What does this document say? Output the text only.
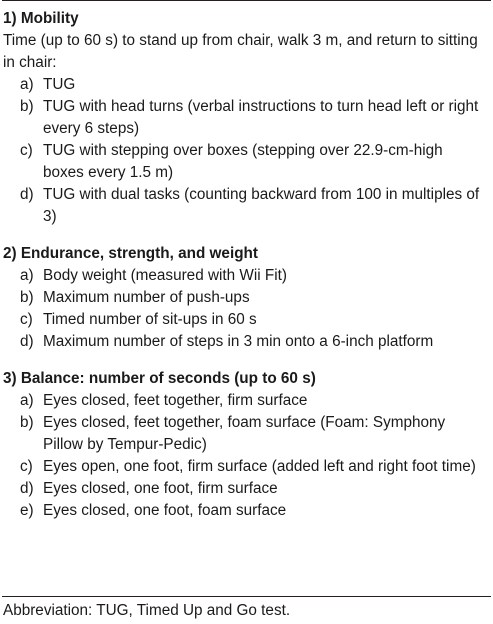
1) Mobility

Time (up to 60 s) to stand up from chair, walk 3 m, and return to sitting in chair:

a) TUG
b) TUG with head turns (verbal instructions to turn head left or right every 6 steps)
c) TUG with stepping over boxes (stepping over 22.9-cm-high boxes every 1.5 m)
d) TUG with dual tasks (counting backward from 100 in multiples of 3)
2) Endurance, strength, and weight
a) Body weight (measured with Wii Fit)
b) Maximum number of push-ups
c) Timed number of sit-ups in 60 s
d) Maximum number of steps in 3 min onto a 6-inch platform
3) Balance: number of seconds (up to 60 s)
a) Eyes closed, feet together, firm surface
b) Eyes closed, feet together, foam surface (Foam: Symphony Pillow by Tempur-Pedic)
c) Eyes open, one foot, firm surface (added left and right foot time)
d) Eyes closed, one foot, firm surface
e) Eyes closed, one foot, foam surface
Abbreviation: TUG, Timed Up and Go test.
